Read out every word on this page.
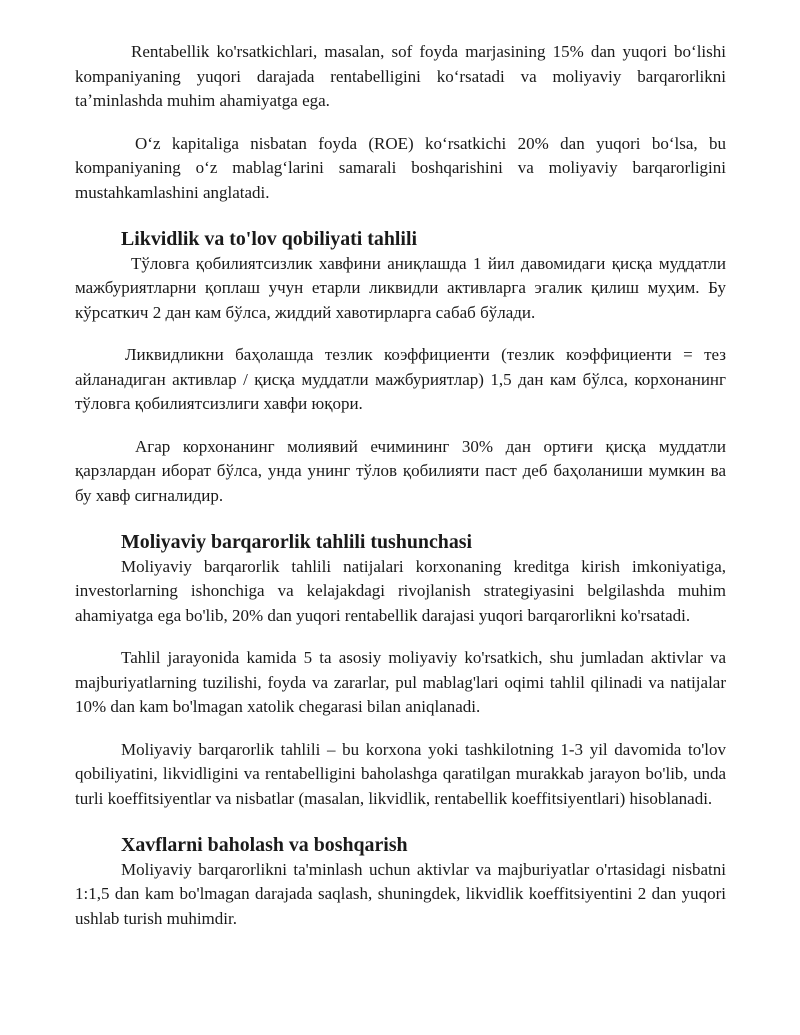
Rentabellik ko'rsatkichlari, masalan, sof foyda marjasining 15% dan yuqori boʻlishi kompaniyaning yuqori darajada rentabelligini koʻrsatadi va moliyaviy barqarorlikni taʼminlashda muhim ahamiyatga ega.

Oʻz kapitaliga nisbatan foyda (ROE) koʻrsatkichi 20% dan yuqori boʻlsa, bu kompaniyaning oʻz mablagʻlarini samarali boshqarishini va moliyaviy barqarorligini mustahkamlashini anglatadi.

Likvidlik va to'lov qobiliyati tahlili

Тўловга қобилиятсизлик хавфини аниқлашда 1 йил давомидаги қисқа муддатли мажбуриятларни қоплаш учун етарли ликвидли активларга эгалик қилиш муҳим. Бу кўрсаткич 2 дан кам бўлса, жиддий хавотирларга сабаб бўлади.

Ликвидликни баҳолашда тезлик коэффициенти (тезлик коэффициенти = тез айланадиган активлар / қисқа муддатли мажбуриятлар) 1,5 дан кам бўлса, корхонанинг тўловга қобилиятсизлиги хавфи юқори.

Агар корхонанинг молиявий ечимининг 30% дан ортиғи қисқа муддатли қарзлардан иборат бўлса, унда унинг тўлов қобилияти паст деб баҳоланиши мумкин ва бу хавф сигналидир.

Moliyaviy barqarorlik tahlili tushunchasi

Moliyaviy barqarorlik tahlili natijalari korxonaning kreditga kirish imkoniyatiga, investorlarning ishonchiga va kelajakdagi rivojlanish strategiyasini belgilashda muhim ahamiyatga ega bo'lib, 20% dan yuqori rentabellik darajasi yuqori barqarorlikni ko'rsatadi.

Tahlil jarayonida kamida 5 ta asosiy moliyaviy ko'rsatkich, shu jumladan aktivlar va majburiyatlarning tuzilishi, foyda va zararlar, pul mablag'lari oqimi tahlil qilinadi va natijalar 10% dan kam bo'lmagan xatolik chegarasi bilan aniqlanadi.

Moliyaviy barqarorlik tahlili – bu korxona yoki tashkilotning 1-3 yil davomida to'lov qobiliyatini, likvidligini va rentabelligini baholashga qaratilgan murakkab jarayon bo'lib, unda turli koeffitsiyentlar va nisbatlar (masalan, likvidlik, rentabellik koeffitsiyentlari) hisoblanadi.

Xavflarni baholash va boshqarish

Moliyaviy barqarorlikni ta'minlash uchun aktivlar va majburiyatlar o'rtasidagi nisbatni 1:1,5 dan kam bo'lmagan darajada saqlash, shuningdek, likvidlik koeffitsiyentini 2 dan yuqori ushlab turish muhimdir.
